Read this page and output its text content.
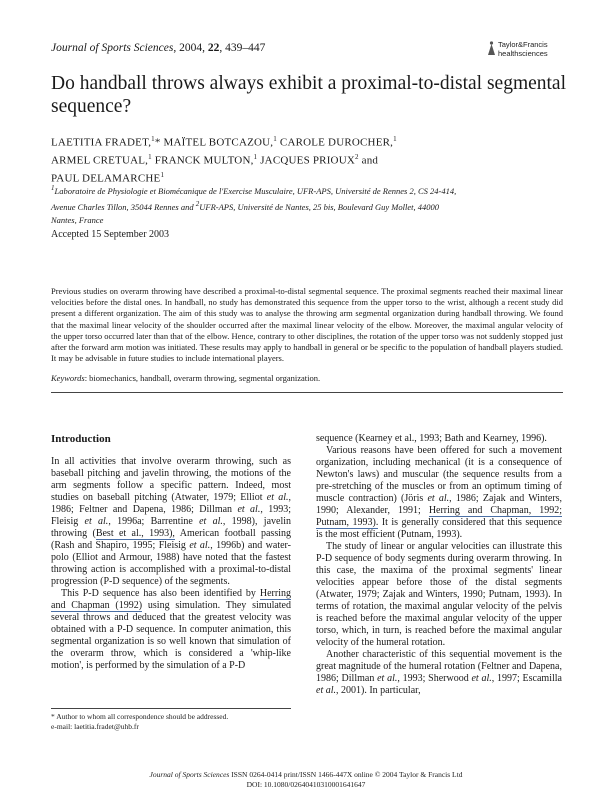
Journal of Sports Sciences, 2004, 22, 439–447	Taylor&Francis
healthsciences
Do handball throws always exhibit a proximal-to-distal segmental sequence?
LAETITIA FRADET,$^1$* MAÏTEL BOTCAZOU,$^1$ CAROLE DUROCHER,$^1$
ARMEL CRETUAL,$^1$ FRANCK MULTON,$^1$ JACQUES PRIOUX$^2$ and
PAUL DELAMARCHE$^1$
$^1$Laboratoire de Physiologie et Biomécanique de l'Exercise Musculaire, UFR-APS, Université de Rennes 2, CS 24-414,
Avenue Charles Tillon, 35044 Rennes and $^2$UFR-APS, Université de Nantes, 25 bis, Boulevard Guy Mollet, 44000
Nantes, France
Accepted 15 September 2003
Previous studies on overarm throwing have described a proximal-to-distal segmental sequence. The proximal segments reached their maximal linear velocities before the distal ones. In handball, no study has demonstrated this sequence from the upper torso to the wrist, although a recent study did present a different organization. The aim of this study was to analyse the throwing arm segmental organization during handball throwing. We found that the maximal linear velocity of the shoulder occurred after the maximal linear velocity of the elbow. Moreover, the maximal angular velocity of the upper torso occurred later than that of the elbow. Hence, contrary to other disciplines, the rotation of the upper torso was not suddenly stopped just after the forward arm motion was initiated. These results may apply to handball in general or be specific to the population of handball players studied. It may be advisable in future studies to include international players.
Keywords: biomechanics, handball, overarm throwing, segmental organization.
Introduction

In all activities that involve overarm throwing, such as baseball pitching and javelin throwing, the motions of the arm segments follow a specific pattern. Indeed, most studies on baseball pitching (Atwater, 1979; Elliot et al., 1986; Feltner and Dapena, 1986; Dillman et al., 1993; Fleisig et al., 1996a; Barrentine et al., 1998), javelin throwing (Best et al., 1993), American football passing (Rash and Shapiro, 1995; Fleisig et al., 1996b) and water-polo (Elliot and Armour, 1988) have noted that the fastest throwing action is accomplished with a proximal-to-distal progression (P-D sequence) of the segments.

This P-D sequence has also been identified by Herring and Chapman (1992) using simulation. They simulated several throws and deduced that the greatest velocity was obtained with a P-D sequence. In computer animation, this segmental organization is so well known that simulation of the overarm throw, which is considered a 'whip-like motion', is performed by the simulation of a P-D

sequence (Kearney et al., 1993; Bath and Kearney, 1996).

Various reasons have been offered for such a movement organization, including mechanical (it is a consequence of Newton's laws) and muscular (the sequence results from a pre-stretching of the muscles or from an optimum timing of muscle contraction) (Jöris et al., 1986; Zajak and Winters, 1990; Alexander, 1991; Herring and Chapman, 1992; Putnam, 1993). It is generally considered that this sequence is the most efficient (Putnam, 1993).

The study of linear or angular velocities can illustrate this P-D sequence of body segments during overarm throwing. In this case, the maxima of the proximal segments' linear velocities appear before those of the distal segments (Atwater, 1979; Zajak and Winters, 1990; Putnam, 1993). In terms of rotation, the maximal angular velocity of the pelvis is reached before the maximal angular velocity of the upper torso, which, in turn, is reached before the maximal angular velocity of the humeral rotation.

Another characteristic of this sequential movement is the great magnitude of the humeral rotation (Feltner and Dapena, 1986; Dillman et al., 1993; Sherwood et al., 1997; Escamilla et al., 2001). In particular,

* Author to whom all correspondence should be addressed.
e-mail: laetitia.fradet@uhb.fr
Journal of Sports Sciences ISSN 0264-0414 print/ISSN 1466-447X online © 2004 Taylor & Francis Ltd
DOI: 10.1080/02640410310001641647
